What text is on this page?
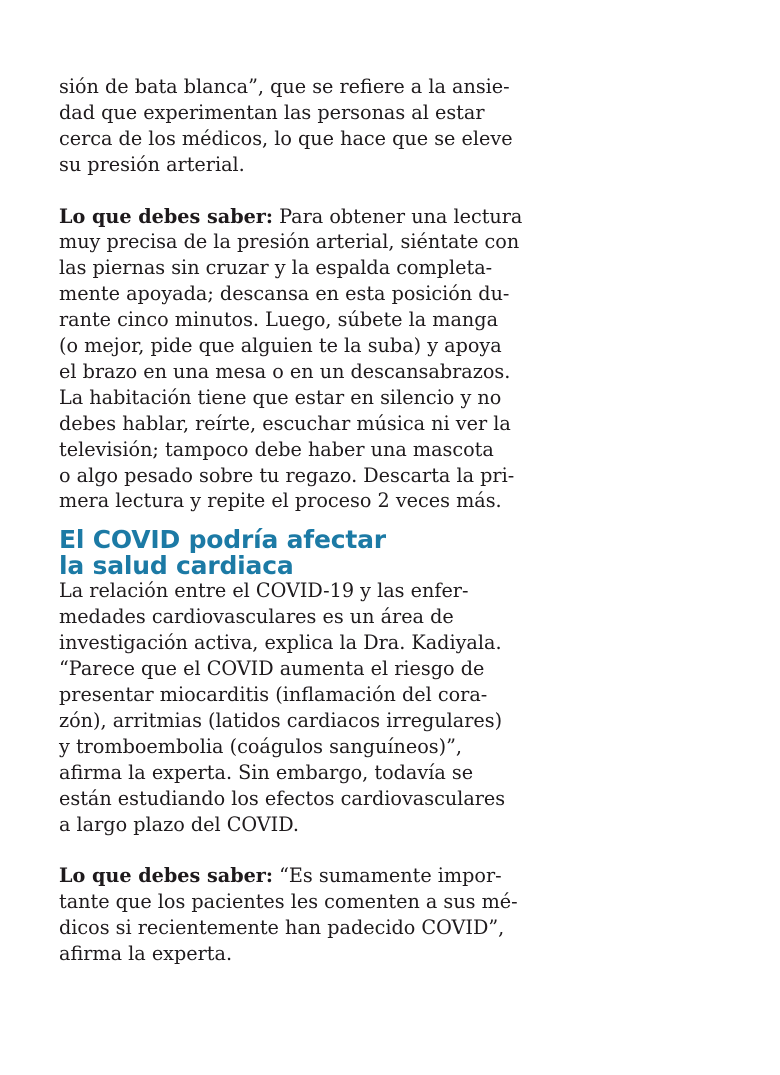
sión de bata blanca”, que se refiere a la ansie-
dad que experimentan las personas al estar
cerca de los médicos, lo que hace que se eleve
su presión arterial.
Lo que debes saber: Para obtener una lectura
muy precisa de la presión arterial, siéntate con
las piernas sin cruzar y la espalda completa-
mente apoyada; descansa en esta posición du-
rante cinco minutos. Luego, súbete la manga
(o mejor, pide que alguien te la suba) y apoya
el brazo en una mesa o en un descansabrazos.
La habitación tiene que estar en silencio y no
debes hablar, reírte, escuchar música ni ver la
televisión; tampoco debe haber una mascota
o algo pesado sobre tu regazo. Descarta la pri-
mera lectura y repite el proceso 2 veces más.
El COVID podría afectar
la salud cardiaca
La relación entre el COVID-19 y las enfer-
medades cardiovasculares es un área de
investigación activa, explica la Dra. Kadiyala.
“Parece que el COVID aumenta el riesgo de
presentar miocarditis (inflamación del cora-
zón), arritmias (latidos cardiacos irregulares)
y tromboembolia (coágulos sanguíneos)”,
afirma la experta. Sin embargo, todavía se
están estudiando los efectos cardiovasculares
a largo plazo del COVID.
Lo que debes saber: “Es sumamente impor-
tante que los pacientes les comenten a sus mé-
dicos si recientemente han padecido COVID”,
afirma la experta.
